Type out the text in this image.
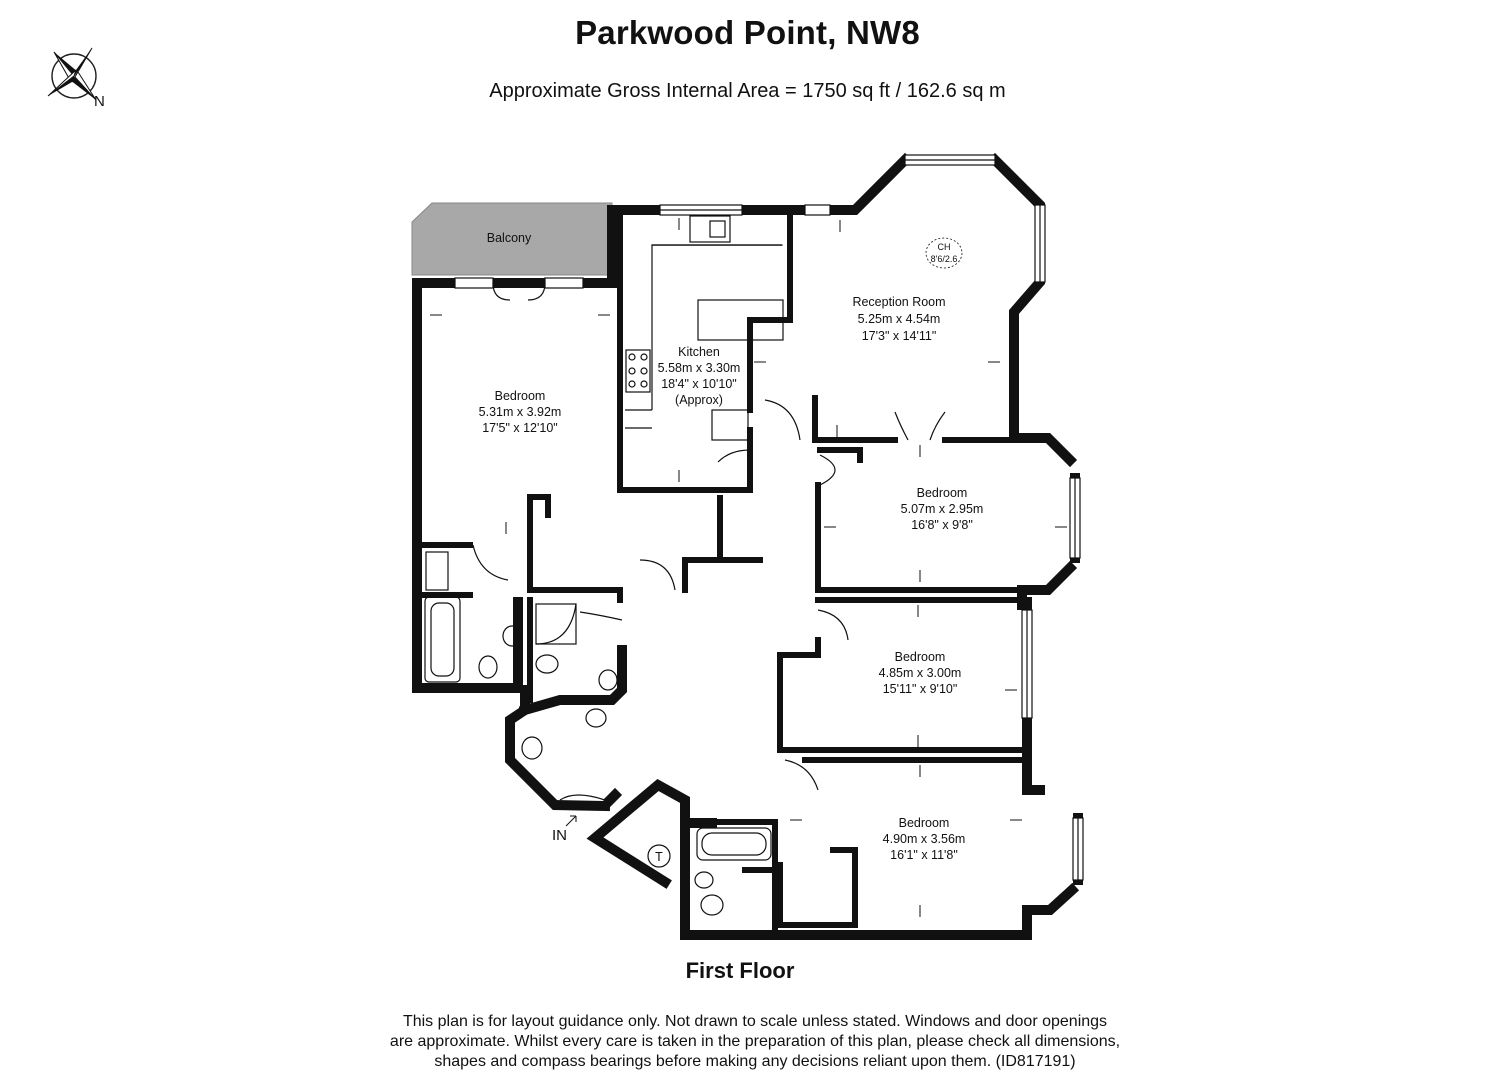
Parkwood Point, NW8
Approximate Gross Internal Area = 1750 sq ft / 162.6 sq m
N
CH
8'6/2.6
T
IN
Balcony
Kitchen
5.58m x 3.30m
18'4" x 10'10"
(Approx)
Reception Room
5.25m x 4.54m
17'3" x 14'11"
Bedroom
5.31m x 3.92m
17'5" x 12'10"
Bedroom
5.07m x 2.95m
16'8" x 9'8"
Bedroom
4.85m x 3.00m
15'11" x 9'10"
Bedroom
4.90m x 3.56m
16'1" x 11'8"
First Floor
This plan is for layout guidance only. Not drawn to scale unless stated. Windows and door openings
are approximate. Whilst every care is taken in the preparation of this plan, please check all dimensions,
shapes and compass bearings before making any decisions reliant upon them. (ID817191)
